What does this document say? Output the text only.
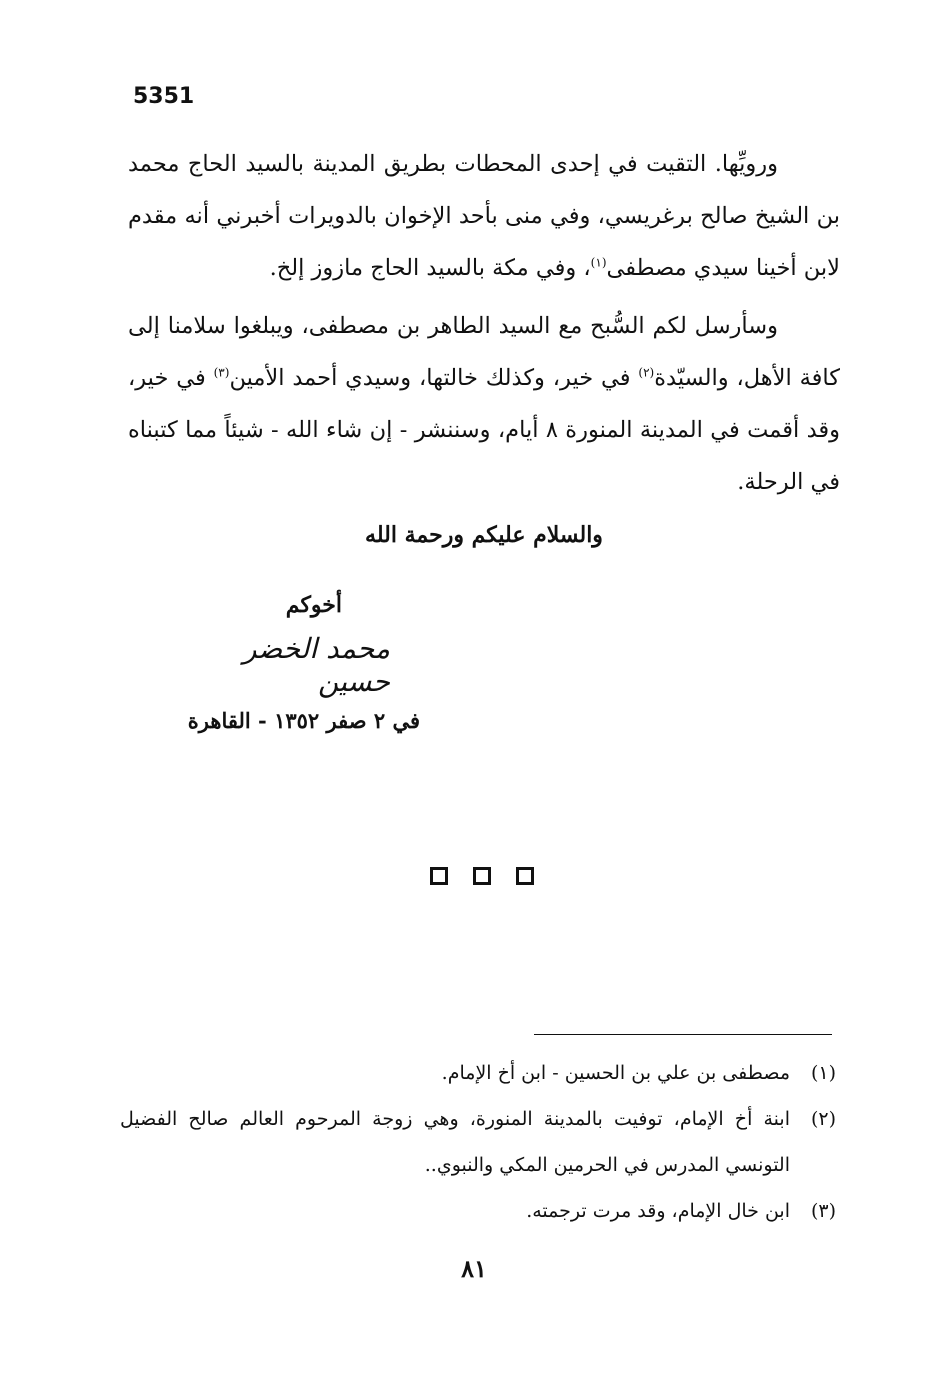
5351

ورويِّها. التقيت في إحدى المحطات بطريق المدينة بالسيد الحاج محمد بن الشيخ صالح برغريسي، وفي منى بأحد الإخوان بالدويرات أخبرني أنه مقدم لابن أخينا سيدي مصطفى$^{(١)}$، وفي مكة بالسيد الحاج مازوز إلخ.

وسأرسل لكم السُّبح مع السيد الطاهر بن مصطفى، ويبلغوا سلامنا إلى كافة الأهل، والسيّدة$^{(٢)}$ في خير، وكذلك خالتها، وسيدي أحمد الأمين$^{(٣)}$ في خير، وقد أقمت في المدينة المنورة ٨ أيام، وسننشر - إن شاء الله - شيئاً مما كتبناه في الرحلة.

والسلام عليكم ورحمة الله
أخوكم
محمد الخضر حسين
في ٢ صفر ١٣٥٢ - القاهرة
(١)
مصطفى بن علي بن الحسين - ابن أخ الإمام.
(٢)
ابنة أخ الإمام، توفيت بالمدينة المنورة، وهي زوجة المرحوم العالم صالح الفضيل التونسي المدرس في الحرمين المكي والنبوي..
(٣)
ابن خال الإمام، وقد مرت ترجمته.
٨١
